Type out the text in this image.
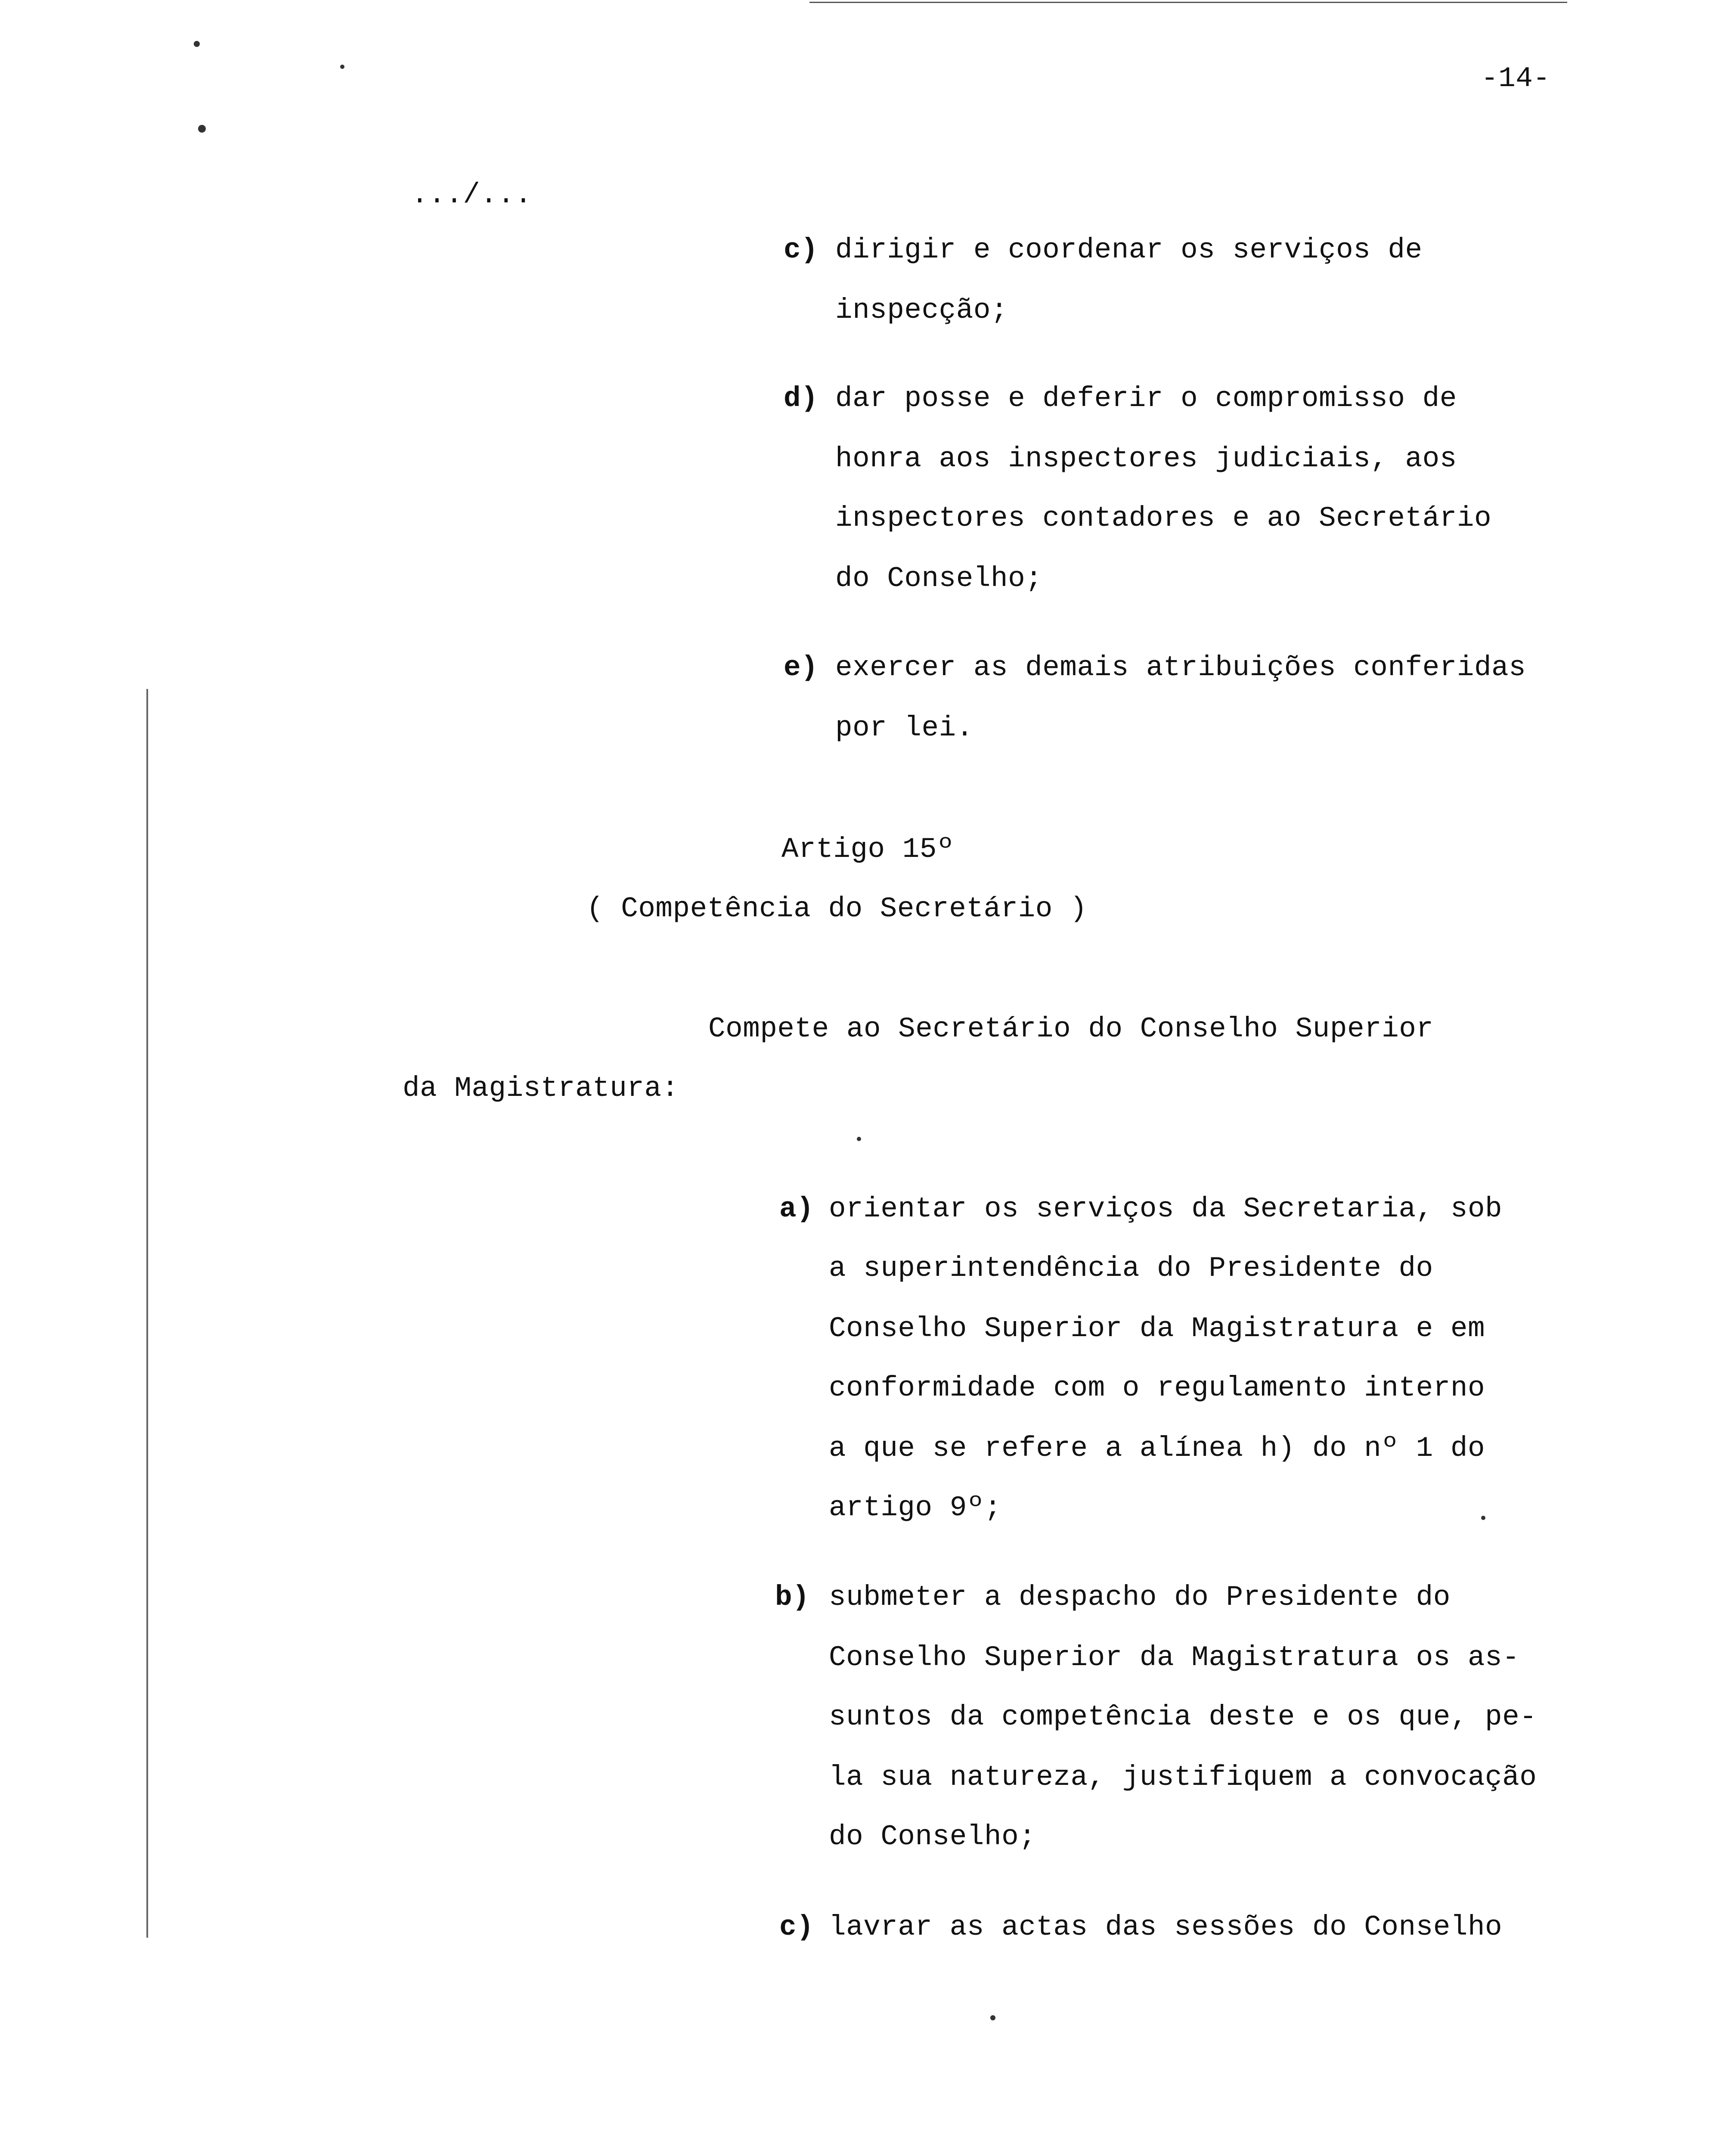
-14-
.../...
c) dirigir e coordenar os serviços de
inspecção;
d) dar posse e deferir o compromisso de
honra aos inspectores judiciais, aos
inspectores contadores e ao Secretário
do Conselho;
e) exercer as demais atribuições conferidas
por lei.
Artigo 15º
( Competência do Secretário )
Compete ao Secretário do Conselho Superior
da Magistratura:
a) orientar os serviços da Secretaria, sob
a superintendência do Presidente do
Conselho Superior da Magistratura e em
conformidade com o regulamento interno
a que se refere a alínea h) do nº 1 do
artigo 9º;
b) submeter a despacho do Presidente do
Conselho Superior da Magistratura os as-
suntos da competência deste e os que, pe-
la sua natureza, justifiquem a convocação
do Conselho;
c) lavrar as actas das sessões do Conselho
